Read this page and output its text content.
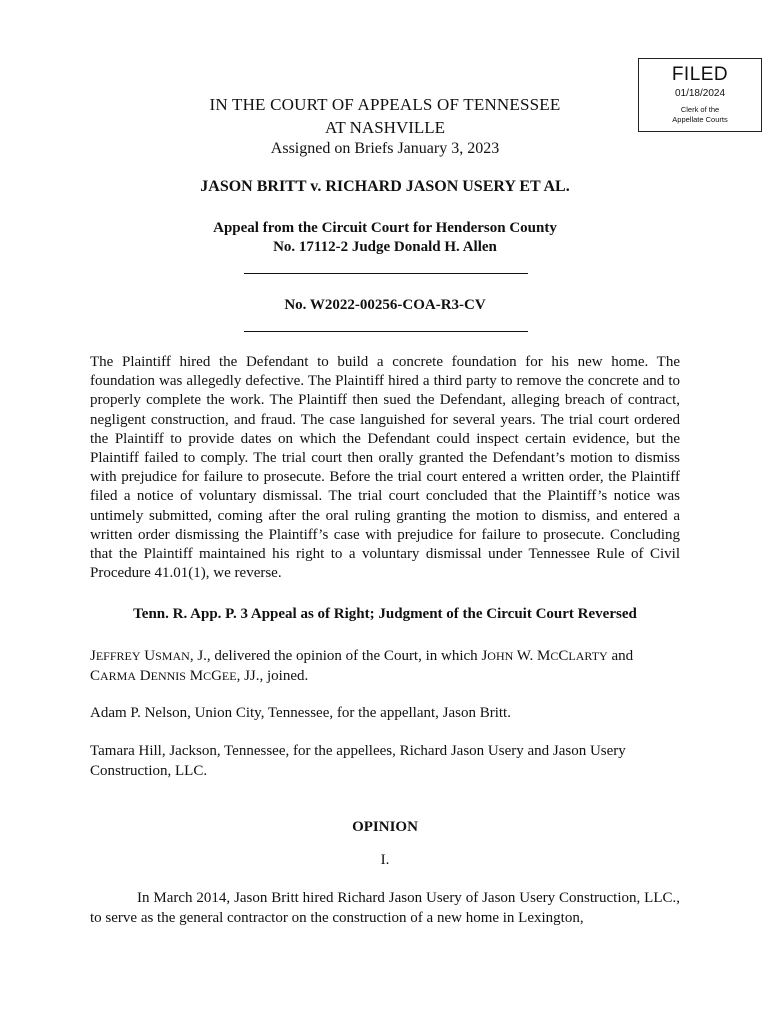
FILED
01/18/2024
Clerk of the
Appellate Courts
IN THE COURT OF APPEALS OF TENNESSEE
AT NASHVILLE
Assigned on Briefs January 3, 2023
JASON BRITT v. RICHARD JASON USERY ET AL.
Appeal from the Circuit Court for Henderson County
No. 17112-2 Judge Donald H. Allen
No. W2022-00256-COA-R3-CV

The Plaintiff hired the Defendant to build a concrete foundation for his new home. The foundation was allegedly defective. The Plaintiff hired a third party to remove the concrete and to properly complete the work. The Plaintiff then sued the Defendant, alleging breach of contract, negligent construction, and fraud. The case languished for several years. The trial court ordered the Plaintiff to provide dates on which the Defendant could inspect certain evidence, but the Plaintiff failed to comply. The trial court then orally granted the Defendant’s motion to dismiss with prejudice for failure to prosecute. Before the trial court entered a written order, the Plaintiff filed a notice of voluntary dismissal. The trial court concluded that the Plaintiff’s notice was untimely submitted, coming after the oral ruling granting the motion to dismiss, and entered a written order dismissing the Plaintiff’s case with prejudice for failure to prosecute. Concluding that the Plaintiff maintained his right to a voluntary dismissal under Tennessee Rule of Civil Procedure 41.01(1), we reverse.

Tenn. R. App. P. 3 Appeal as of Right; Judgment of the Circuit Court Reversed

JEFFREY USMAN, J., delivered the opinion of the Court, in which JOHN W. MCCLARTY and CARMA DENNIS MCGEE, JJ., joined.

Adam P. Nelson, Union City, Tennessee, for the appellant, Jason Britt.

Tamara Hill, Jackson, Tennessee, for the appellees, Richard Jason Usery and Jason Usery Construction, LLC.

OPINION
I.

In March 2014, Jason Britt hired Richard Jason Usery of Jason Usery Construction, LLC., to serve as the general contractor on the construction of a new home in Lexington,
